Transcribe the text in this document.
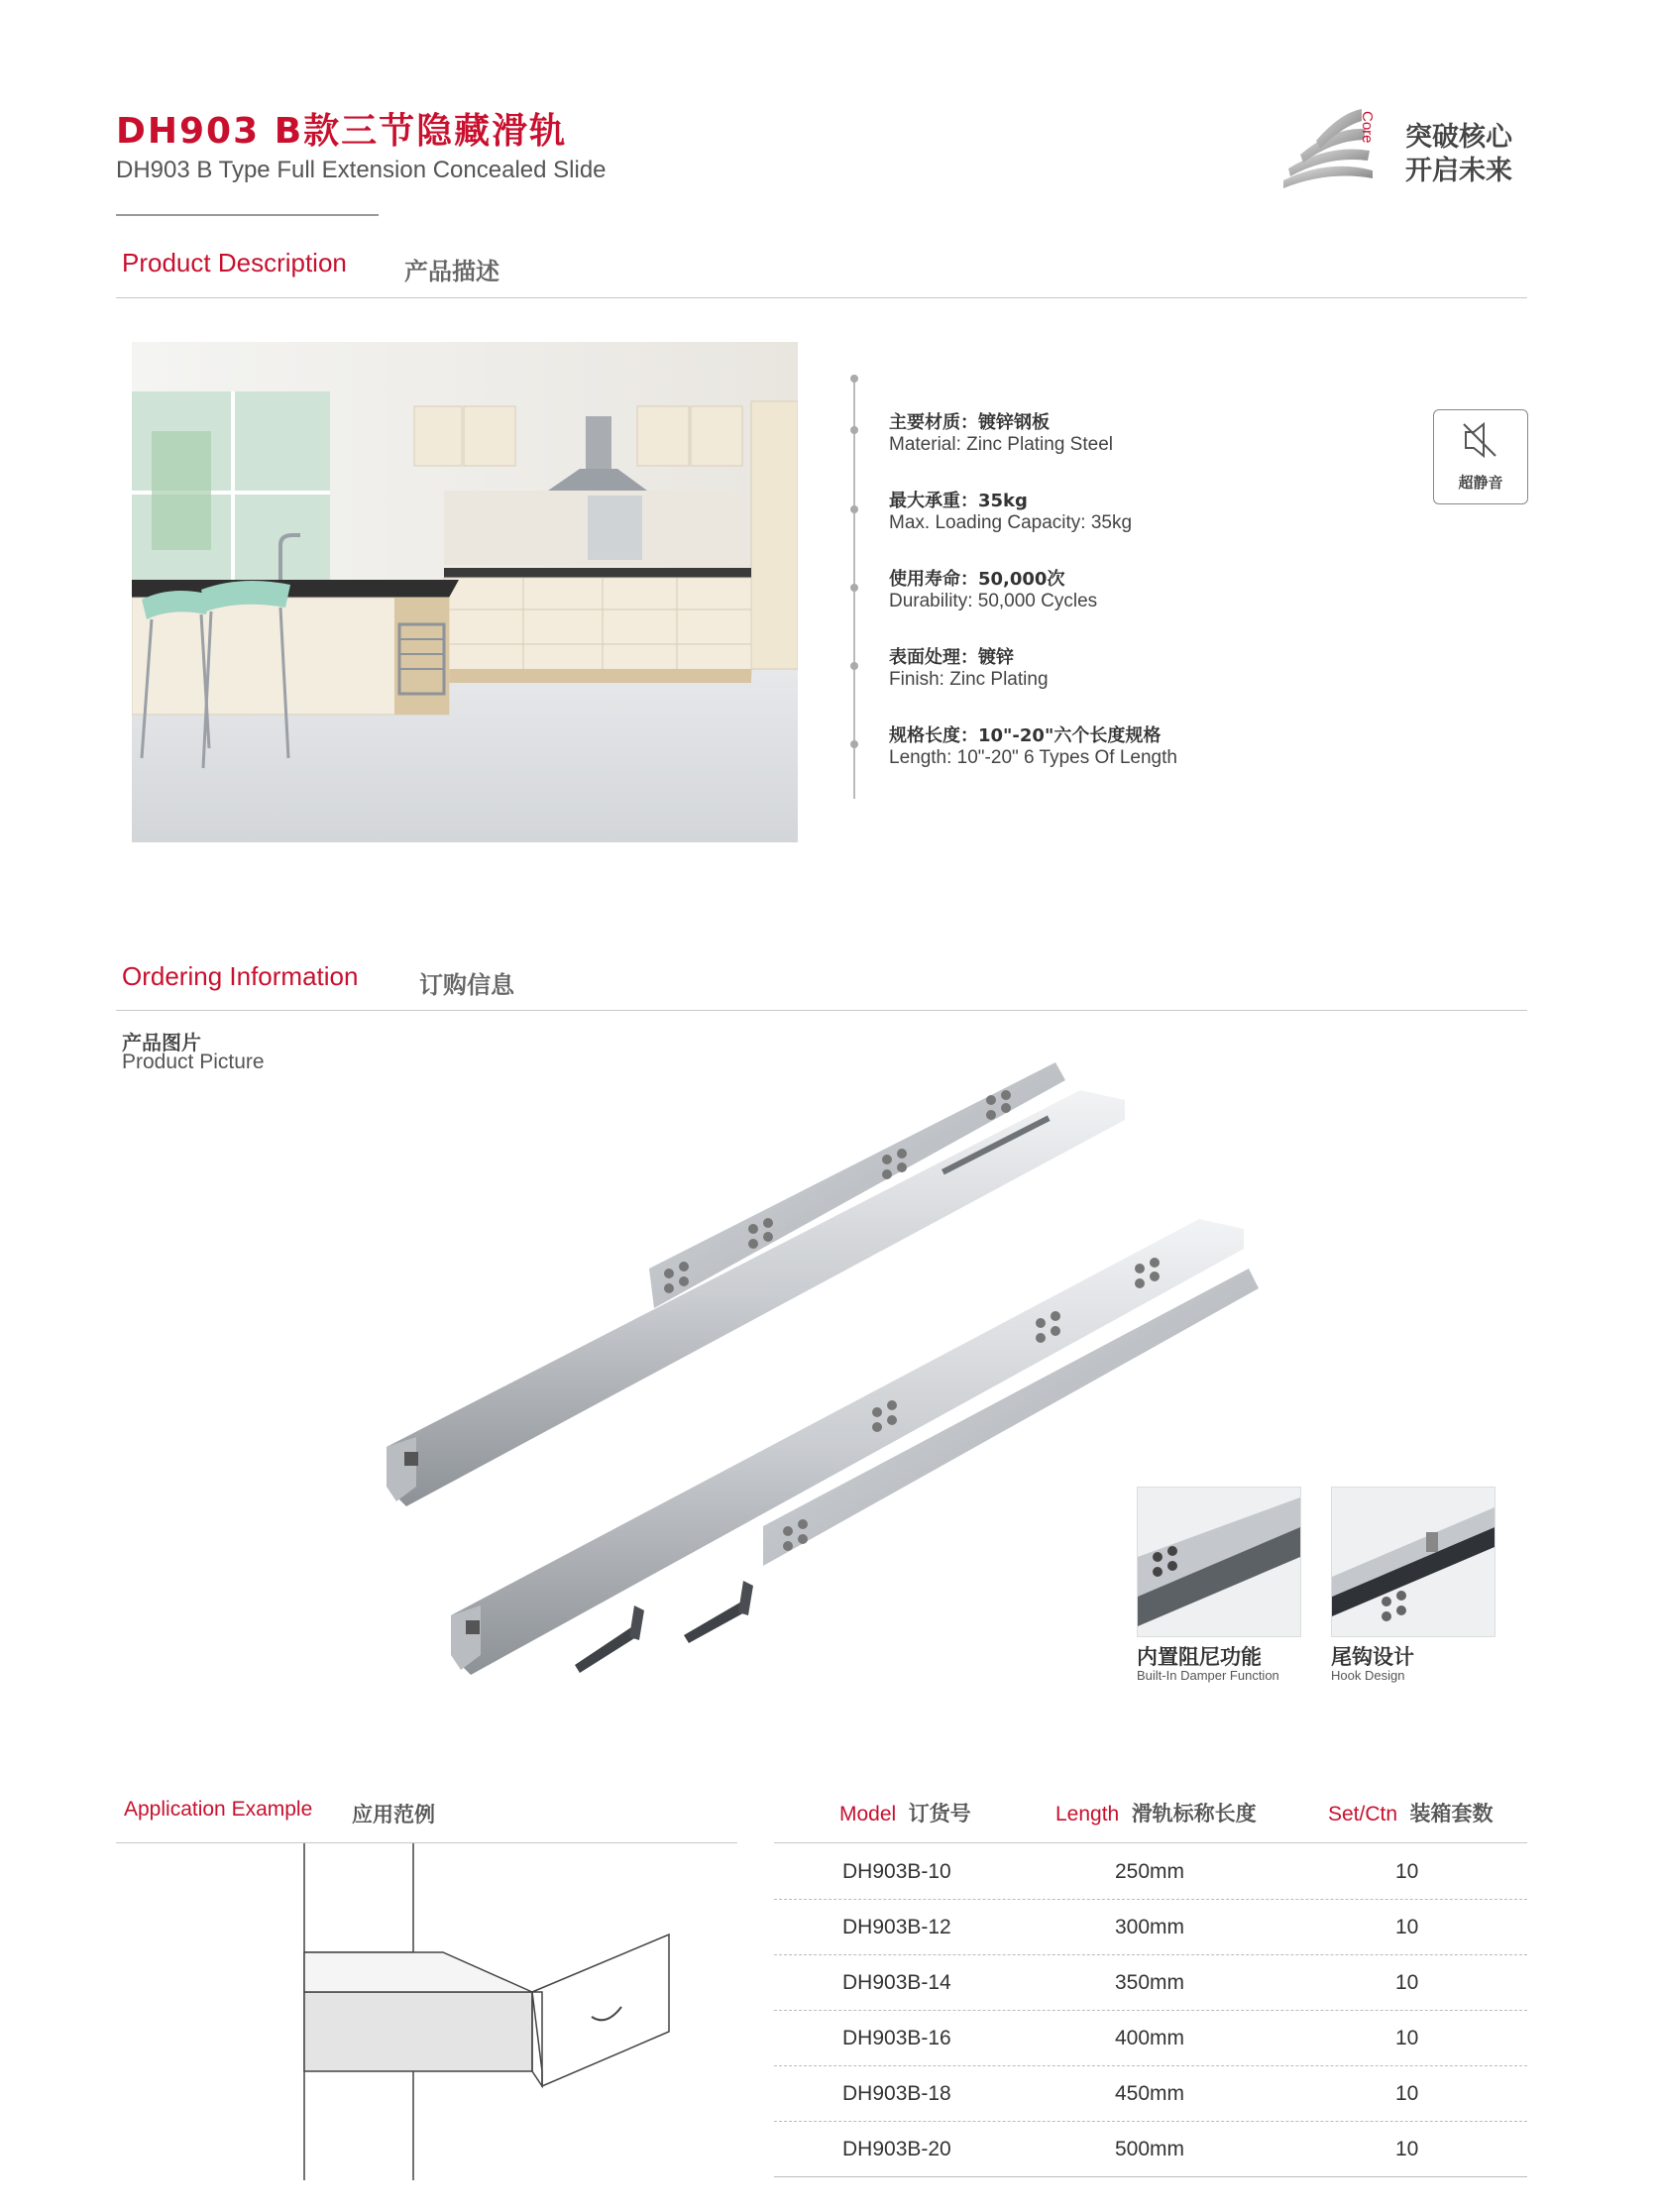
DH903 B款三节隐藏滑轨
DH903 B Type Full Extension Concealed Slide
Core 突破核心
开启未来
Product Description 产品描述
主要材质：镀锌钢板
Material: Zinc Plating Steel
最大承重：35kg
Max. Loading Capacity: 35kg
使用寿命：50,000次
Durability: 50,000 Cycles
表面处理：镀锌
Finish: Zinc Plating
规格长度：10"-20"六个长度规格
Length: 10"-20" 6 Types Of Length
超静音
Ordering Information	订购信息
产品图片
Product Picture
内置阻尼功能
Built-In Damper Function
尾钩设计
Hook Design
Application Example 应用范例	Model 订货号	Length 滑轨标称长度	Set/Ctn 装箱套数
DH903B-10	250mm	10
DH903B-12	300mm	10
DH903B-14	350mm	10
DH903B-16	400mm	10
DH903B-18	450mm	10
DH903B-20	500mm	10
